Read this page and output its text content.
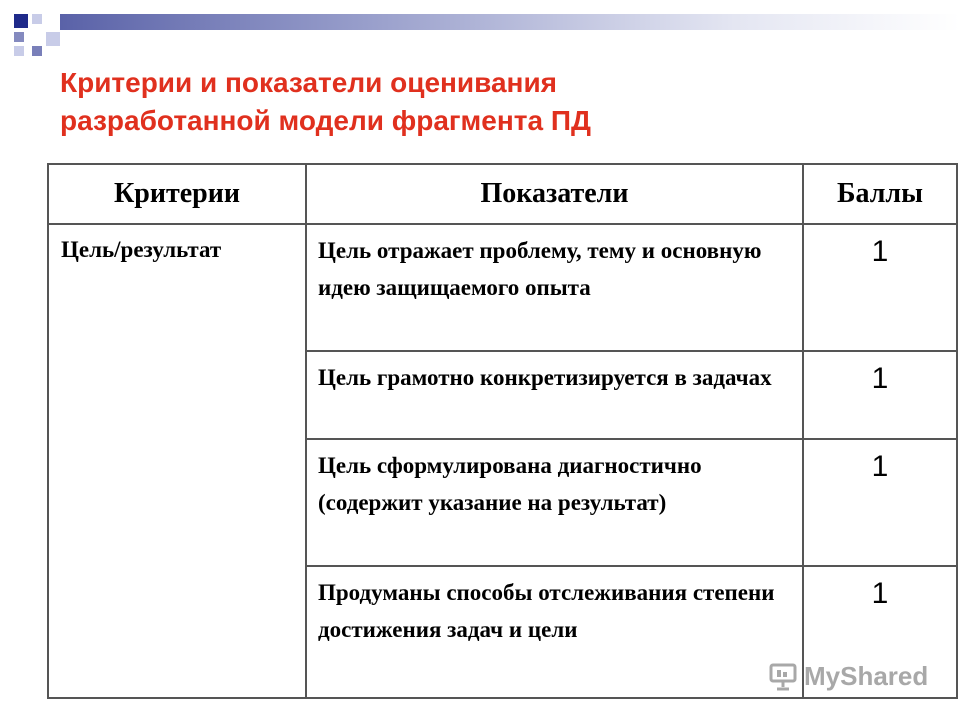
Критерии и показатели оценивания
разработанной модели фрагмента ПД
Критерии	Показатели	Баллы
Цель/результат	Цель отражает проблему, тему и основную идею защищаемого опыта	1
	Цель грамотно конкретизируется в задачах	1
	Цель сформулирована диагностично (содержит указание на результат)	1
	Продуманы способы отслеживания степени достижения задач и цели	1
MyShared
